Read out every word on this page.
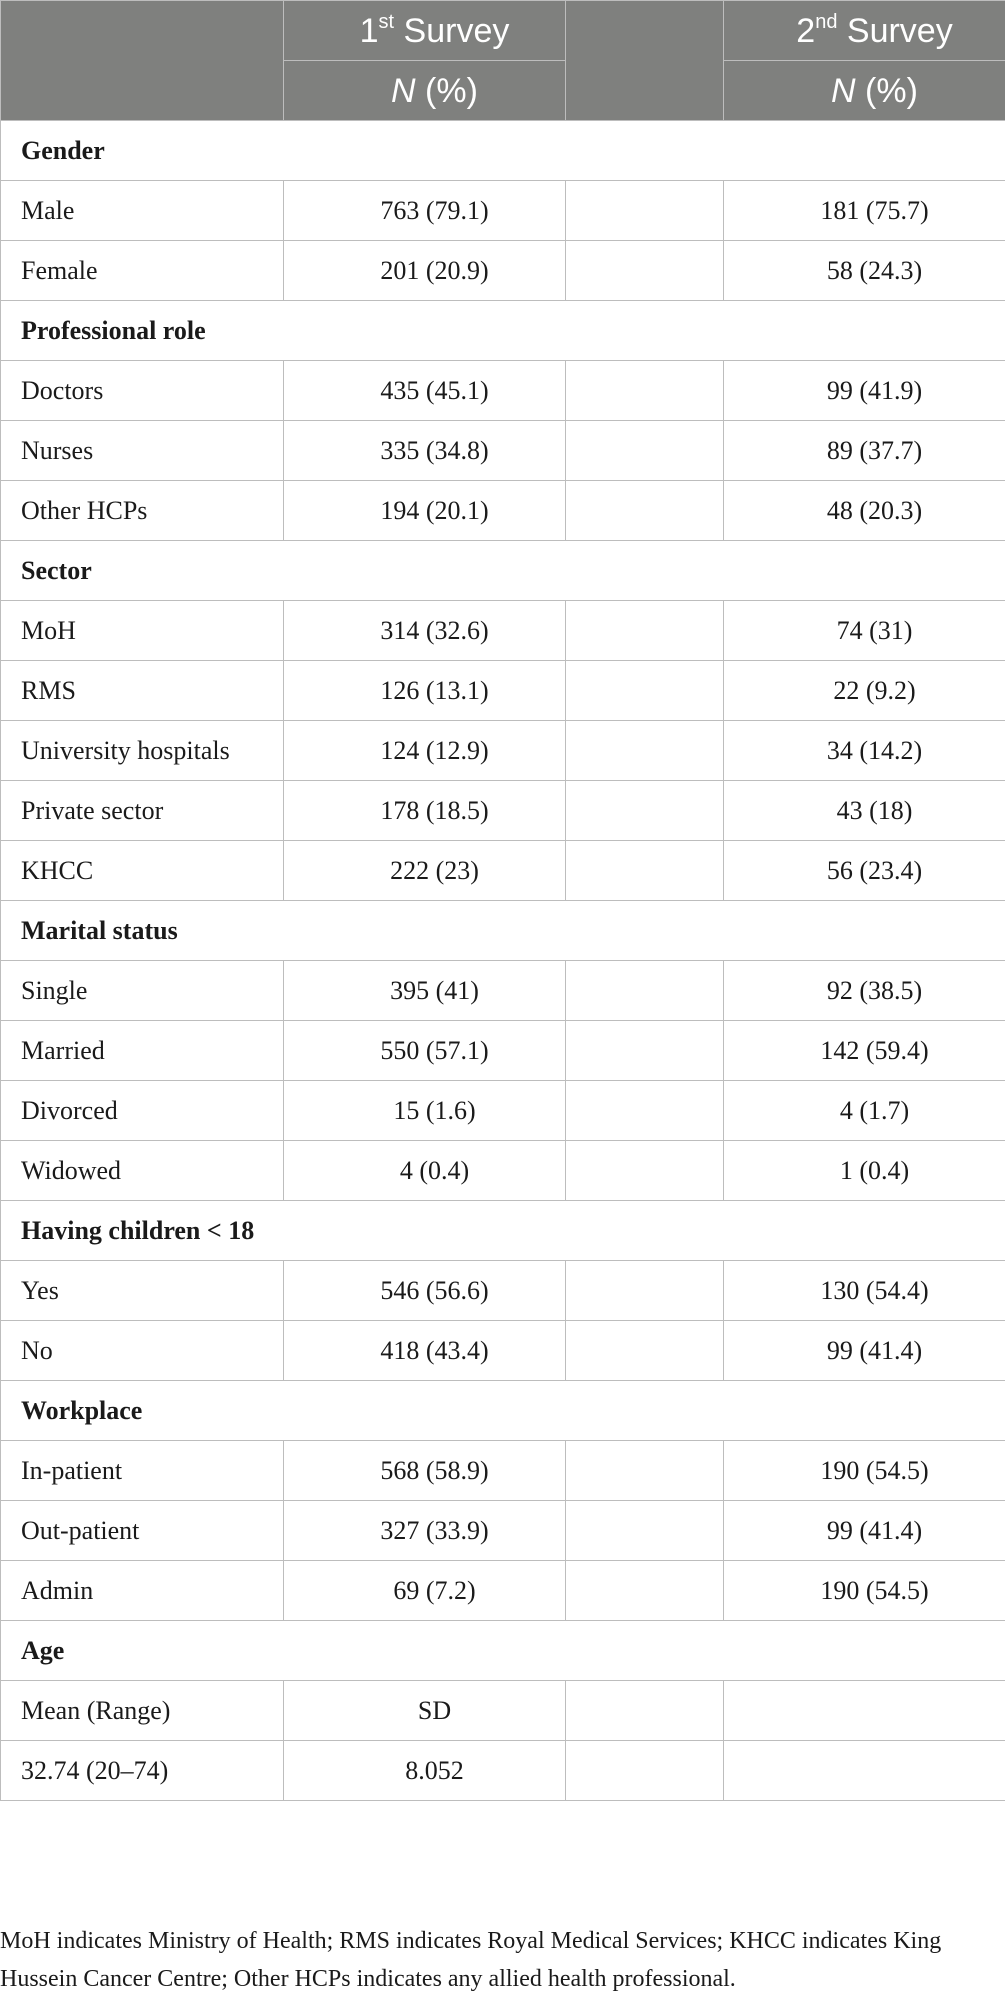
	1st Survey		2nd Survey
	N (%)		N (%)
Gender			
Male	763 (79.1)		181 (75.7)
Female	201 (20.9)		58 (24.3)
Professional role			
Doctors	435 (45.1)		99 (41.9)
Nurses	335 (34.8)		89 (37.7)
Other HCPs	194 (20.1)		48 (20.3)
Sector			
MoH	314 (32.6)		74 (31)
RMS	126 (13.1)		22 (9.2)
University hospitals	124 (12.9)		34 (14.2)
Private sector	178 (18.5)		43 (18)
KHCC	222 (23)		56 (23.4)
Marital status			
Single	395 (41)		92 (38.5)
Married	550 (57.1)		142 (59.4)
Divorced	15 (1.6)		4 (1.7)
Widowed	4 (0.4)		1 (0.4)
Having children < 18			
Yes	546 (56.6)		130 (54.4)
No	418 (43.4)		99 (41.4)
Workplace			
In-patient	568 (58.9)		190 (54.5)
Out-patient	327 (33.9)		99 (41.4)
Admin	69 (7.2)		190 (54.5)
Age			
Mean (Range)	SD		
32.74 (20–74)	8.052		

MoH indicates Ministry of Health; RMS indicates Royal Medical Services; KHCC indicates King Hussein Cancer Centre; Other HCPs indicates any allied health professional.
